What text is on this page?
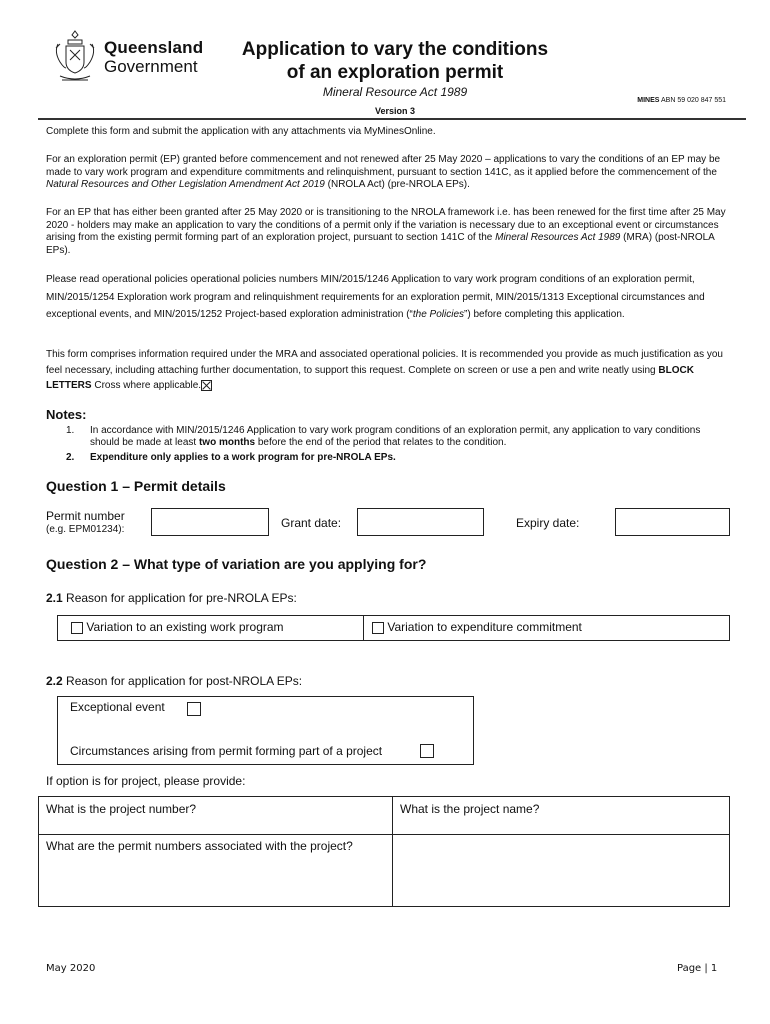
Queensland
Government
Application to vary the conditions
of an exploration permit
Mineral Resource Act 1989
Version 3
MINES ABN 59 020 847 551
Complete this form and submit the application with any attachments via MyMinesOnline.
For an exploration permit (EP) granted before commencement and not renewed after 25 May 2020 – applications to vary the conditions of an EP may be made to vary work program and expenditure commitments and relinquishment, pursuant to section 141C, as it applied before the commencement of the Natural Resources and Other Legislation Amendment Act 2019 (NROLA Act) (pre-NROLA EPs).
For an EP that has either been granted after 25 May 2020 or is transitioning to the NROLA framework i.e. has been renewed for the first time after 25 May 2020 - holders may make an application to vary the conditions of a permit only if the variation is necessary due to an exceptional event or circumstances arising from the existing permit forming part of an exploration project, pursuant to section 141C of the Mineral Resources Act 1989 (MRA) (post-NROLA EPs).
Please read operational policies operational policies numbers MIN/2015/1246 Application to vary work program conditions of an exploration permit, MIN/2015/1254 Exploration work program and relinquishment requirements for an exploration permit, MIN/2015/1313 Exceptional circumstances and exceptional events, and MIN/2015/1252 Project-based exploration administration (“the Policies”) before completing this application.
This form comprises information required under the MRA and associated operational policies. It is recommended you provide as much justification as you feel necessary, including attaching further documentation, to support this request. Complete on screen or use a pen and write neatly using BLOCK LETTERS Cross where applicable.
Notes:
1. In accordance with MIN/2015/1246 Application to vary work program conditions of an exploration permit, any application to vary conditions should be made at least two months before the end of the period that relates to the condition.
2. Expenditure only applies to a work program for pre-NROLA EPs.
Question 1 – Permit details
Permit number
(e.g. EPM01234):	Grant date:	Expiry date:
Question 2 – What type of variation are you applying for?
2.1 Reason for application for pre-NROLA EPs:
Variation to an existing work program	Variation to expenditure commitment
2.2 Reason for application for post-NROLA EPs:
Exceptional event
Circumstances arising from permit forming part of a project
If option is for project, please provide:
What is the project number?	What is the project name?
What are the permit numbers associated with the project?
May 2020	Page | 1
